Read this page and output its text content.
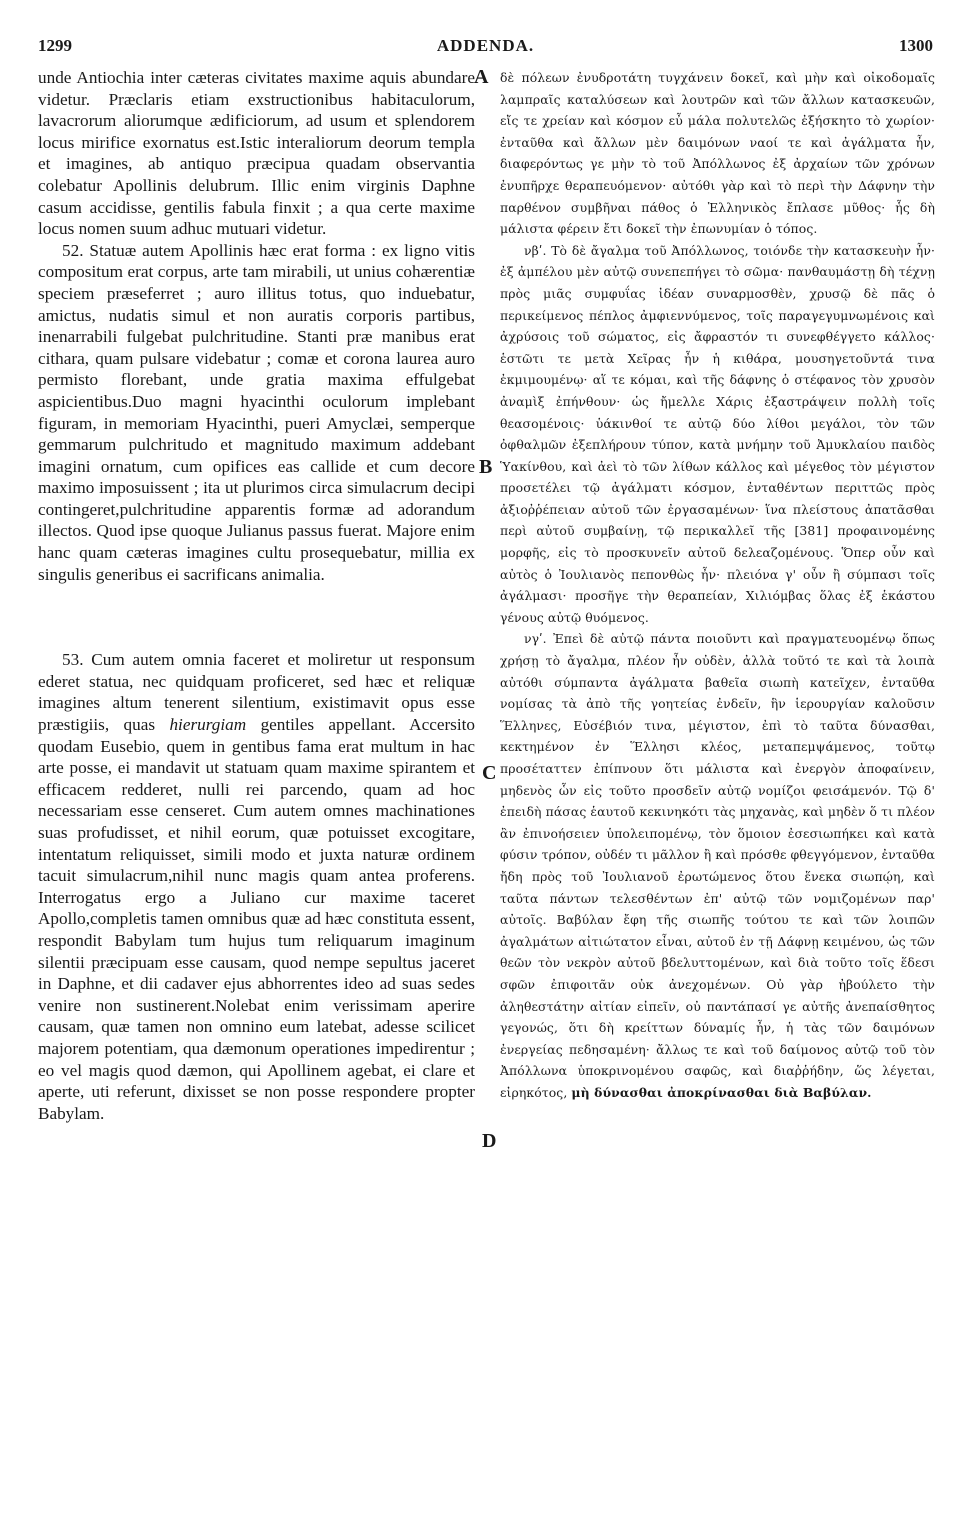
1299	ADDENDA.	1300

unde Antiochia inter cæteras civitates maxime aquis abundare videtur. Præclaris etiam exstructionibus habitaculorum, lavacrorum aliorumque ædificiorum, ad usum et splendorem locus mirifice exornatus est.Istic interaliorum deorum templa et imagines, ab antiquo præcipua quadam observantia colebatur Apollinis delubrum. Illic enim virginis Daphne casum accidisse, gentilis fabula finxit ; a qua certe maxime locus nomen suum adhuc mutuari videtur.

52. Statuæ autem Apollinis hæc erat forma : ex ligno vitis compositum erat corpus, arte tam mirabili, ut unius cohærentiæ speciem præseferret ; auro illitus totus, quo induebatur, amictus, nudatis simul et non auratis corporis partibus, inenarrabili fulgebat pulchritudine. Stanti præ manibus erat cithara, quam pulsare videbatur ; comæ et corona laurea auro permisto florebant, unde gratia maxima effulgebat aspicientibus.Duo magni hyacinthi oculorum implebant figuram, in memoriam Hyacinthi, pueri Amyclæi, semperque gemmarum pulchritudo et magnitudo maximum addebant imagini ornatum, cum opifices eas callide et cum decore maximo imposuissent ; ita ut plurimos circa simulacrum decipi contingeret,pulchritudine apparentis formæ ad adorandum illectos. Quod ipse quoque Julianus passus fuerat. Majore enim hanc quam cæteras imagines cultu prosequebatur, millia ex singulis generibus ei sacrificans animalia.

53. Cum autem omnia faceret et moliretur ut responsum ederet statua, nec quidquam proficeret, sed hæc et reliquæ imagines altum tenerent silentium, existimavit opus esse præstigiis, quas hierurgiam gentiles appellant. Accersito quodam Eusebio, quem in gentibus fama erat multum in hac arte posse, ei mandavit ut statuam quam maxime spirantem et efficacem redderet, nulli rei parcendo, quam ad hoc necessariam esse censeret. Cum autem omnes machinationes suas profudisset, et nihil eorum, quæ potuisset excogitare, intentatum reliquisset, simili modo et juxta naturæ ordinem tacuit simulacrum,nihil nunc magis quam antea proferens. Interrogatus ergo a Juliano cur maxime taceret Apollo,completis tamen omnibus quæ ad hæc constituta essent, respondit Babylam tum hujus tum reliquarum imaginum silentii præcipuam esse causam, quod nempe sepultus jaceret in Daphne, et dii cadaver ejus abhorrentes ideo ad suas sedes venire non sustinerent.Nolebat enim verissimam aperire causam, quæ tamen non omnino eum latebat, adesse scilicet majorem potentiam, qua dæmonum operationes impedirentur ; eo vel magis quod dæmon, qui Apollinem agebat, ei clare et aperte, uti referunt, dixisset se non posse respondere propter Babylam.

A
B
C
D

δὲ πόλεων ἐνυδροτάτη τυγχάνειν δοκεῖ, καὶ μὴν καὶ οἰκοδομαῖς λαμπραῖς καταλύσεων καὶ λουτρῶν καὶ τῶν ἄλλων κατασκευῶν, εἴς τε χρείαν καὶ κόσμον εὖ μάλα πολυτελῶς ἐξήσκητο τὸ χωρίον· ἐνταῦθα καὶ ἄλλων μὲν δαιμόνων ναοί τε καὶ ἀγάλματα ἦν, διαφερόντως γε μὴν τὸ τοῦ Ἀπόλλωνος ἐξ ἀρχαίων τῶν χρόνων ἐνυπῆρχε θεραπευόμενον· αὐτόθι γὰρ καὶ τὸ περὶ τὴν Δάφνην τὴν παρθένον συμβῆναι πάθος ὁ Ἑλληνικὸς ἔπλασε μῦθος· ἧς δὴ μάλιστα φέρειν ἔτι δοκεῖ τὴν ἐπωνυμίαν ὁ τόπος.

νβʹ. Τὸ δὲ ἄγαλμα τοῦ Ἀπόλλωνος, τοιόνδε τὴν κατασκευὴν ἦν· ἐξ ἀμπέλου μὲν αὐτῷ συνεπεπήγει τὸ σῶμα· πανθαυμάστῃ δὴ τέχνῃ πρὸς μιᾶς συμφυΐας ἰδέαν συναρμοσθὲν, χρυσῷ δὲ πᾶς ὁ περικείμενος πέπλος ἀμφιεννύμενος, τοῖς παραγεγυμνωμένοις καὶ ἀχρύσοις τοῦ σώματος, εἰς ἄφραστόν τι συνεφθέγγετο κάλλος· ἑστῶτι τε μετὰ Χεῖρας ἦν ἡ κιθάρα, μουσηγετοῦντά τινα ἐκμιμουμένῳ· αἵ τε κόμαι, καὶ τῆς δάφνης ὁ στέφανος τὸν χρυσὸν ἀναμὶξ ἐπήνθουν· ὡς ἤμελλε Χάρις ἐξαστράψειν πολλὴ τοῖς θεασομένοις· ὑάκινθοί τε αὐτῷ δύο λίθοι μεγάλοι, τὸν τῶν ὀφθαλμῶν ἐξεπλήρουν τύπον, κατὰ μνήμην τοῦ Ἀμυκλαίου παιδὸς Ὑακίνθου, καὶ ἀεὶ τὸ τῶν λίθων κάλλος καὶ μέγεθος τὸν μέγιστον προσετέλει τῷ ἀγάλματι κόσμον, ἐνταθέντων περιττῶς πρὸς ἀξιοῤῥέπειαν αὐτοῦ τῶν ἐργασαμένων· ἵνα πλείστους ἀπατᾶσθαι περὶ αὐτοῦ συμβαίνῃ, τῷ περικαλλεῖ τῆς [381] προφαινομένης μορφῆς, εἰς τὸ προσκυνεῖν αὐτοῦ δελεαζομένους. Ὅπερ οὖν καὶ αὐτὸς ὁ Ἰουλιανὸς πεπονθὼς ἦν· πλειόνα γ' οὖν ἢ σύμπασι τοῖς ἀγάλμασι· προσῆγε τὴν θεραπείαν, Χιλιόμβας ὅλας ἐξ ἑκάστου γένους αὐτῷ θυόμενος.

νγʹ. Ἐπεὶ δὲ αὐτῷ πάντα ποιοῦντι καὶ πραγματευομένῳ ὅπως χρήσῃ τὸ ἄγαλμα, πλέον ἦν οὐδὲν, ἀλλὰ τοῦτό τε καὶ τὰ λοιπὰ αὐτόθι σύμπαντα ἀγάλματα βαθεῖα σιωπὴ κατεῖχεν, ἐνταῦθα νομίσας τὰ ἀπὸ τῆς γοητείας ἐνδεῖν, ἣν ἱερουργίαν καλοῦσιν Ἕλληνες, Εὐσέβιόν τινα, μέγιστον, ἐπὶ τὸ ταῦτα δύνασθαι, κεκτημένον ἐν Ἕλλησι κλέος, μεταπεμψάμενος, τοῦτῳ προσέταττεν ἐπίπνουν ὅτι μάλιστα καὶ ἐνεργὸν ἀποφαίνειν, μηδενὸς ὧν εἰς τοῦτο προσδεῖν αὐτῷ νομίζοι φεισάμενόν. Τῷ δ' ἐπειδὴ πάσας ἑαυτοῦ κεκινηκότι τὰς μηχανὰς, καὶ μηδὲν ὅ τι πλέον ἂν ἐπινοήσειεν ὑπολειπομένῳ, τὸν ὅμοιον ἐσεσιωπήκει καὶ κατὰ φύσιν τρόπον, οὐδέν τι μᾶλλον ἢ καὶ πρόσθε φθεγγόμενον, ἐνταῦθα ἤδη πρὸς τοῦ Ἰουλιανοῦ ἐρωτώμενος ὅτου ἕνεκα σιωπῴη, καὶ ταῦτα πάντων τελεσθέντων ἐπ' αὐτῷ τῶν νομιζομένων παρ' αὐτοῖς. Βαβύλαν ἔφη τῆς σιωπῆς τούτου τε καὶ τῶν λοιπῶν ἀγαλμάτων αἰτιώτατον εἶναι, αὐτοῦ ἐν τῇ Δάφνῃ κειμένου, ὡς τῶν θεῶν τὸν νεκρὸν αὐτοῦ βδελυττομένων, καὶ διὰ τοῦτο τοῖς ἕδεσι σφῶν ἐπιφοιτᾶν οὐκ ἀνεχομένων. Οὐ γὰρ ἠβούλετο τὴν ἀληθεστάτην αἰτίαν εἰπεῖν, οὐ παντάπασί γε αὐτῆς ἀνεπαίσθητος γεγονώς, ὅτι δὴ κρείττων δύναμίς ἦν, ἡ τὰς τῶν δαιμόνων ἐνεργείας πεδησαμένη· ἄλλως τε καὶ τοῦ δαίμονος αὐτῷ τοῦ τὸν Ἀπόλλωνα ὑποκρινομένου σαφῶς, καὶ διαῤῥήδην, ὥς λέγεται, εἰρηκότος, μὴ δύνασθαι ἀποκρίνασθαι διὰ Βαβύλαν.
